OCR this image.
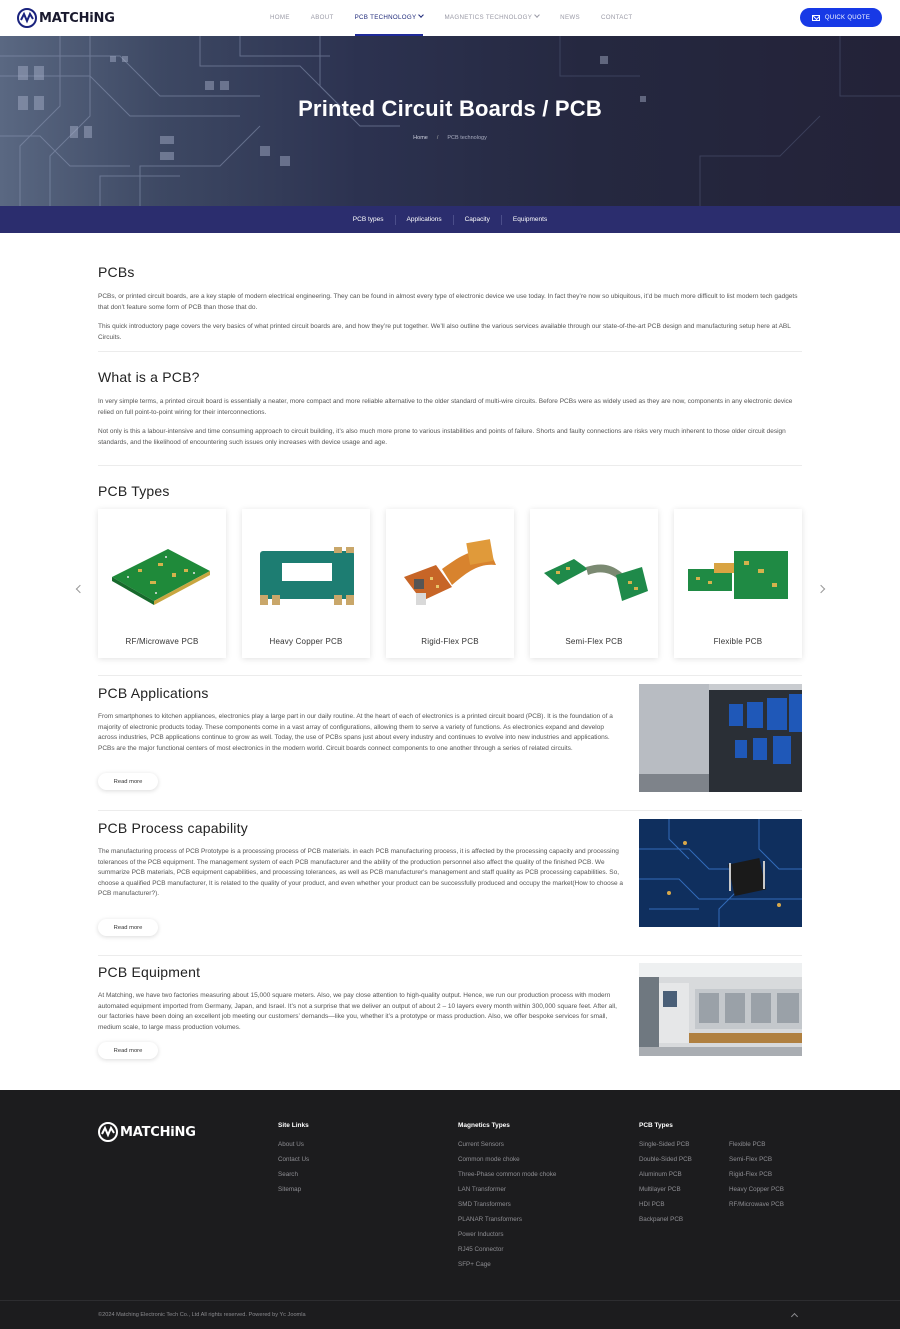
MATCHiNG	HOME	ABOUT	PCB TECHNOLOGY	MAGNETICS TECHNOLOGY	NEWS	CONTACT	QUICK QUOTE
Printed Circuit Boards / PCB
Home / PCB technology
PCB types	Applications	Capacity	Equipments
PCBs
PCBs, or printed circuit boards, are a key staple of modern electrical engineering. They can be found in almost every type of electronic device we use today. In fact they’re now so ubiquitous, it’d be much more difficult to list modern tech gadgets that don’t feature some form of PCB than those that do.
This quick introductory page covers the very basics of what printed circuit boards are, and how they’re put together. We’ll also outline the various services available through our state-of-the-art PCB design and manufacturing setup here at ABL Circuits.
What is a PCB?
In very simple terms, a printed circuit board is essentially a neater, more compact and more reliable alternative to the older standard of multi-wire circuits. Before PCBs were as widely used as they are now, components in any electronic device relied on full point-to-point wiring for their interconnections.
Not only is this a labour-intensive and time consuming approach to circuit building, it’s also much more prone to various instabilities and points of failure. Shorts and faulty connections are risks very much inherent to those older circuit design standards, and the likelihood of encountering such issues only increases with device usage and age.
PCB Types
RF/Microwave PCB	Heavy Copper PCB	Rigid-Flex PCB	Semi-Flex PCB	Flexible PCB
PCB Applications
From smartphones to kitchen appliances, electronics play a large part in our daily routine. At the heart of each of electronics is a printed circuit board (PCB). It is the foundation of a majority of electronic products today. These components come in a vast array of configurations, allowing them to serve a variety of functions. As electronics expand and develop across industries, PCB applications continue to grow as well. Today, the use of PCBs spans just about every industry and continues to evolve into new industries and applications. PCBs are the major functional centers of most electronics in the modern world. Circuit boards connect components to one another through a series of related circuits.
Read more
PCB Process capability
The manufacturing process of PCB Prototype is a processing process of PCB materials. in each PCB manufacturing process, it is affected by the processing capacity and processing tolerances of the PCB equipment. The management system of each PCB manufacturer and the ability of the production personnel also affect the quality of the finished PCB. We summarize PCB materials, PCB equipment capabilities, and processing tolerances, as well as PCB manufacturer's management and staff quality as PCB processing capabilities. So, choose a qualified PCB manufacturer, It is related to the quality of your product, and even whether your product can be successfully produced and occupy the market(How to choose a PCB manufacturer?).
Read more
PCB Equipment
At Matching, we have two factories measuring about 15,000 square meters. Also, we pay close attention to high-quality output. Hence, we run our production process with modern automated equipment imported from Germany, Japan, and Israel. It’s not a surprise that we deliver an output of about 2 – 10 layers every month within 300,000 square feet. After all, our factories have been doing an excellent job meeting our customers’ demands—like you, whether it’s a prototype or mass production. Also, we offer bespoke services for small, medium scale, to large mass production volumes.
Read more
MATCHiNG	Site Links
About Us
Contact Us
Search
Sitemap
Magnetics Types
Current Sensors
Common mode choke
Three-Phase common mode choke
LAN Transformer
SMD Transformers
PLANAR Transformers
Power Inductors
RJ45 Connector
SFP+ Cage
PCB Types
Single-Sided PCB
Double-Sided PCB
Aluminum PCB
Multilayer PCB
HDI PCB
Backpanel PCB
Flexible PCB
Semi-Flex PCB
Rigid-Flex PCB
Heavy Copper PCB
RF/Microwave PCB
©2024 Matching Electronic Tech Co., Ltd All rights reserved. Powered by Yc Joomla
